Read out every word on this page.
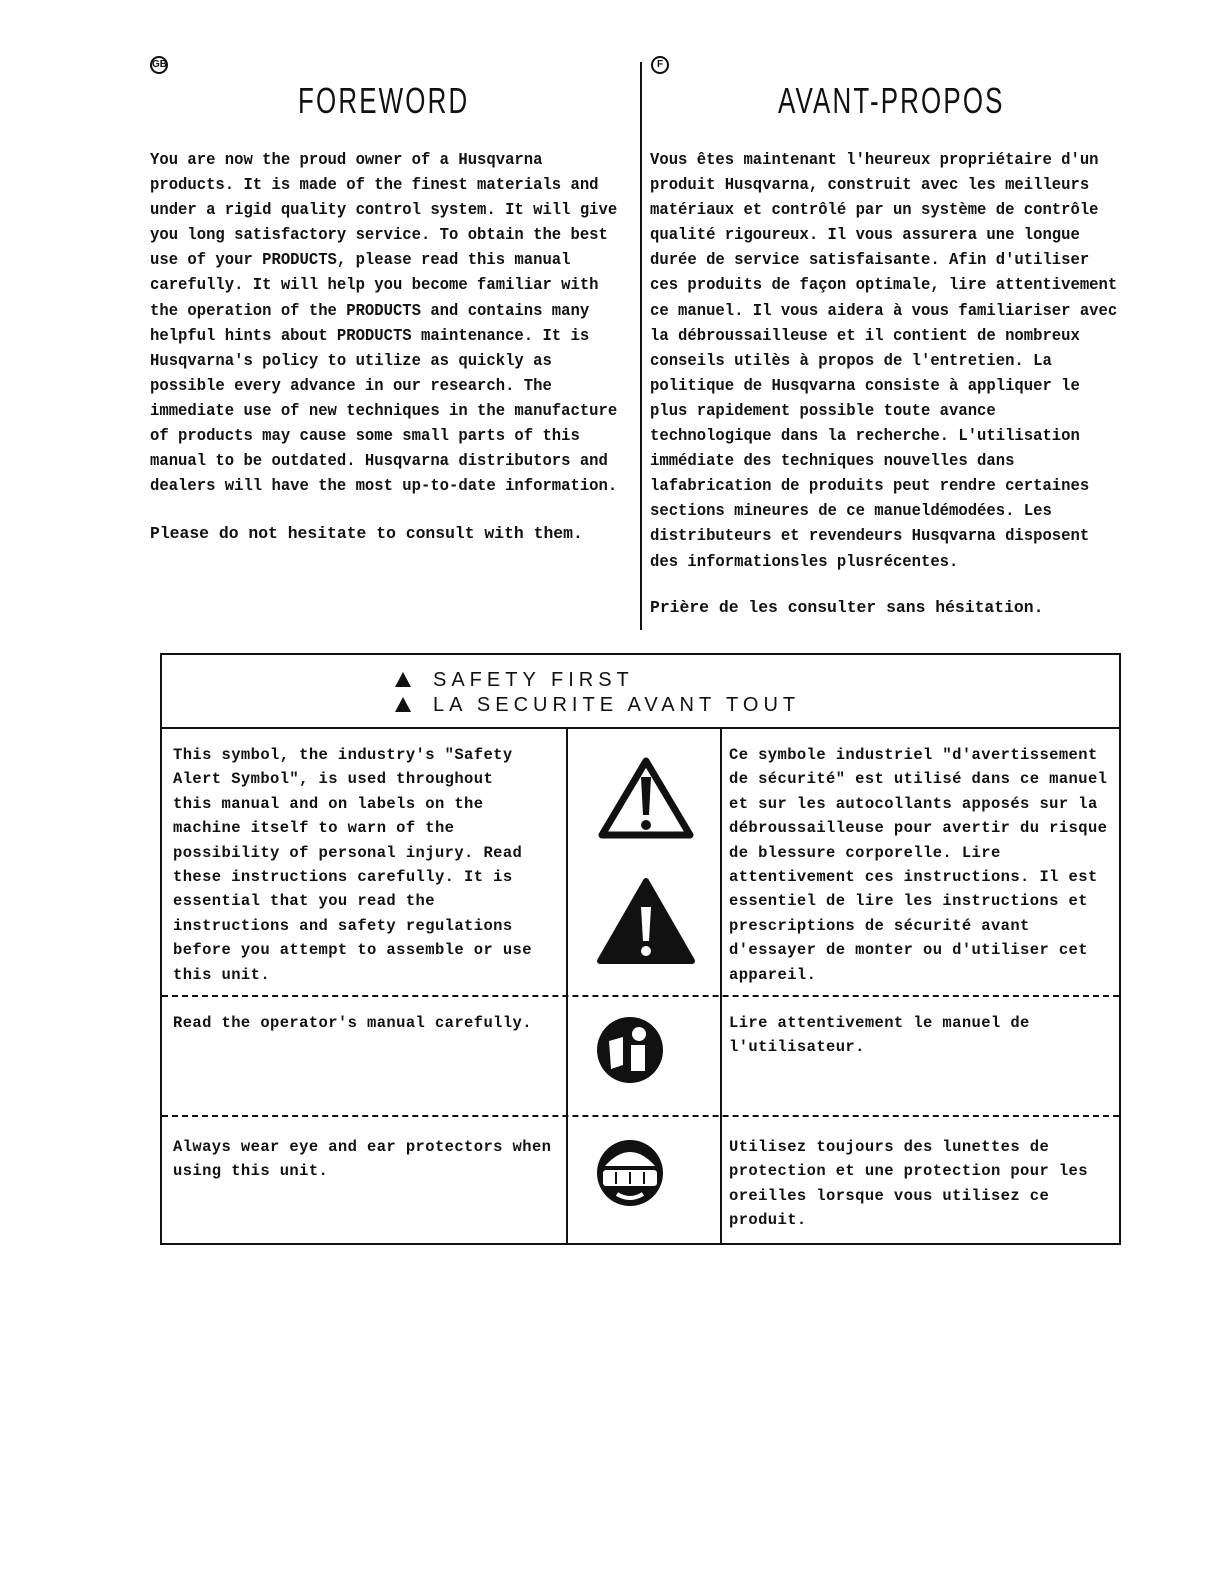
GB
FOREWORD
You are now the proud owner of a Husqvarna
products. It is made of the finest materials and
under a rigid quality control system. It will give
you long satisfactory service. To obtain the best
use of your PRODUCTS, please read this manual
carefully. It will help you become familiar with
the operation of the PRODUCTS and contains many
helpful hints about PRODUCTS maintenance. It is
Husqvarna's policy to utilize as quickly as
possible every advance in our research. The
immediate use of new techniques in the manufacture
of products may cause some small parts of this
manual to be outdated. Husqvarna distributors and
dealers will have the most up-to-date information.
Please do not hesitate to consult with them.
F
AVANT-PROPOS
Vous êtes maintenant l'heureux propriétaire d'un
produit Husqvarna, construit avec les meilleurs
matériaux et contrôlé par un système de contrôle
qualité rigoureux. Il vous assurera une longue
durée de service satisfaisante. Afin d'utiliser
ces produits de façon optimale, lire attentivement
ce manuel. Il vous aidera à vous familiariser avec
la débroussailleuse et il contient de nombreux
conseils utilès à propos de l'entretien. La
politique de Husqvarna consiste à appliquer le
plus rapidement possible toute avance
technologique dans la recherche. L'utilisation
immédiate des techniques nouvelles dans
lafabrication de produits peut rendre certaines
sections mineures de ce manueldémodées. Les
distributeurs et revendeurs Husqvarna disposent
des informationsles plusrécentes.
Prière de les consulter sans hésitation.
SAFETY FIRST
LA SECURITE AVANT TOUT
This symbol, the industry's "Safety
Alert Symbol", is used throughout
this manual and on labels on the
machine itself to warn of the
possibility of personal injury. Read
these instructions carefully. It is
essential that you read the
instructions and safety regulations
before you attempt to assemble or use
this unit.
Ce symbole industriel "d'avertissement
de sécurité" est utilisé dans ce manuel
et sur les autocollants apposés sur la
débroussailleuse pour avertir du risque
de blessure corporelle. Lire
attentivement ces instructions. Il est
essentiel de lire les instructions et
prescriptions de sécurité avant
d'essayer de monter ou d'utiliser cet
appareil.
Read the operator's manual carefully.	Lire attentivement le manuel de
l'utilisateur.
Always wear eye and ear protectors when
using this unit.
Utilisez toujours des lunettes de
protection et une protection pour les
oreilles lorsque vous utilisez ce
produit.
